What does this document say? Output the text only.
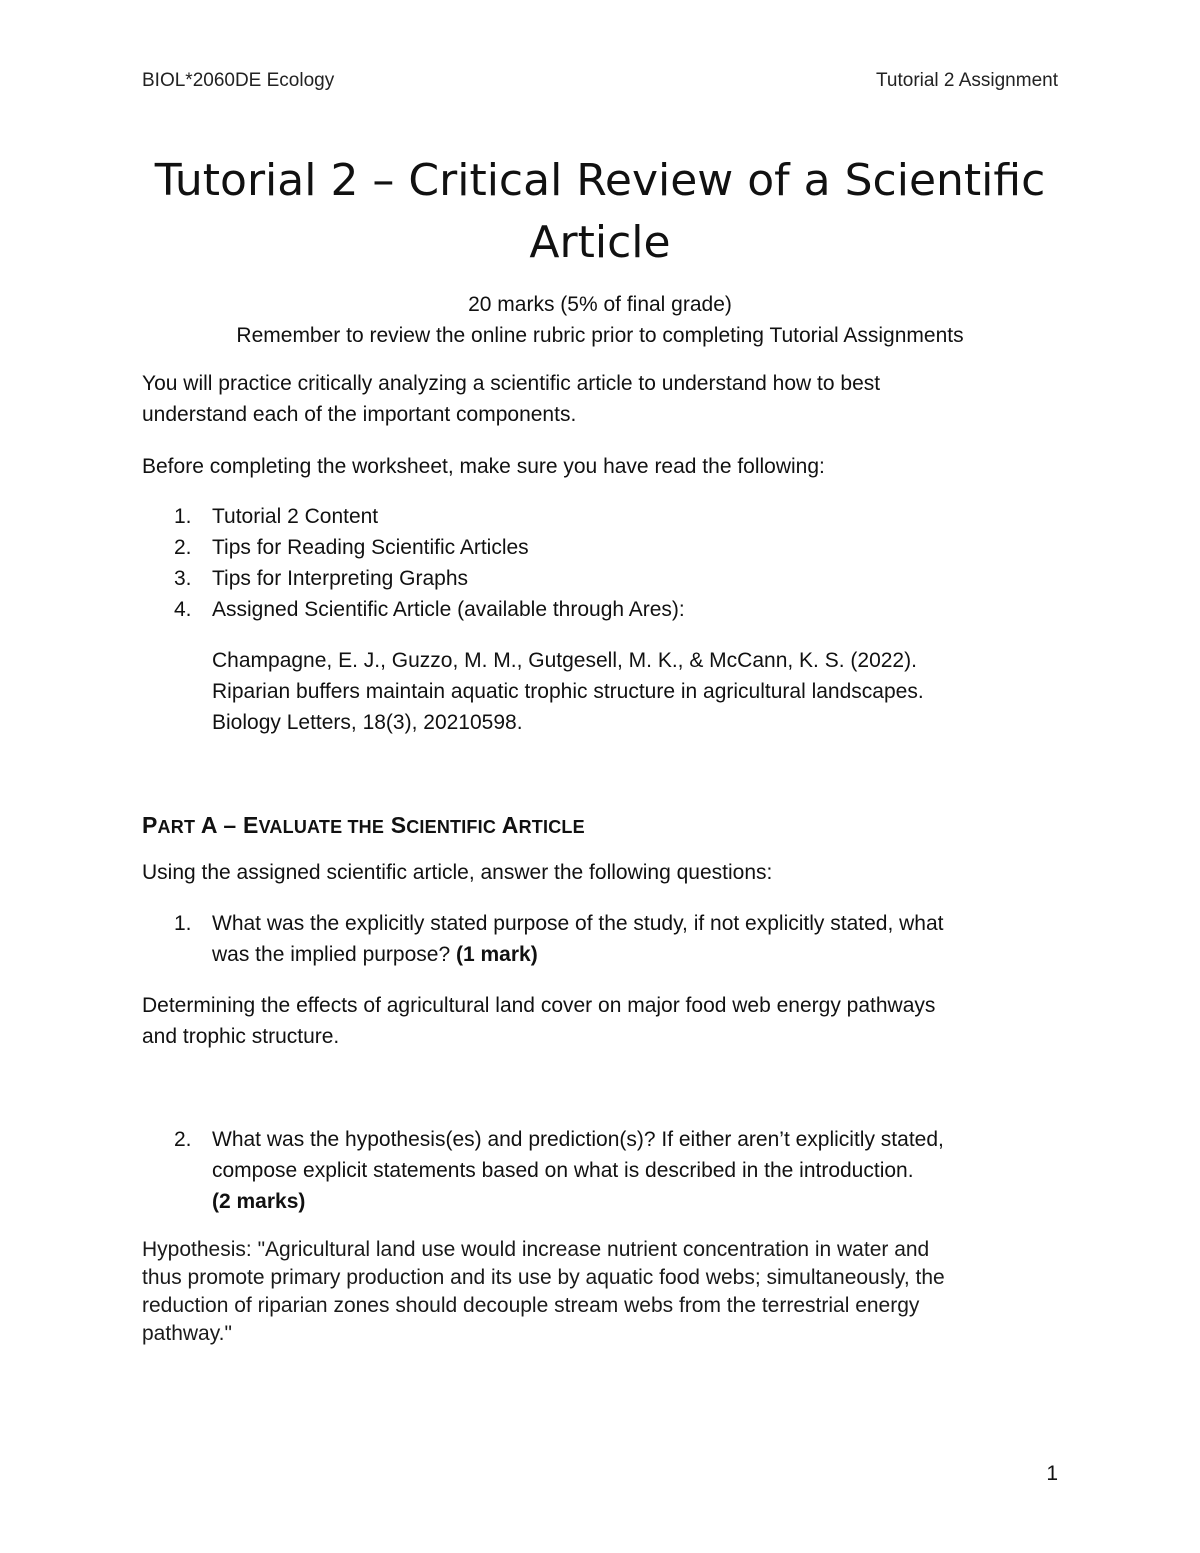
BIOL*2060DE Ecology	Tutorial 2 Assignment
Tutorial 2 – Critical Review of a Scientific
Article
20 marks (5% of final grade)
Remember to review the online rubric prior to completing Tutorial Assignments

You will practice critically analyzing a scientific article to understand how to best
understand each of the important components.

Before completing the worksheet, make sure you have read the following:

1. Tutorial 2 Content
2. Tips for Reading Scientific Articles
3. Tips for Interpreting Graphs
4. Assigned Scientific Article (available through Ares):
Champagne, E. J., Guzzo, M. M., Gutgesell, M. K., & McCann, K. S. (2022).
Riparian buffers maintain aquatic trophic structure in agricultural landscapes.
Biology Letters, 18(3), 20210598.
PART A – EVALUATE THE SCIENTIFIC ARTICLE

Using the assigned scientific article, answer the following questions:

1. What was the explicitly stated purpose of the study, if not explicitly stated, what
was the implied purpose? (1 mark)
Determining the effects of agricultural land cover on major food web energy pathways
and trophic structure.
2. What was the hypothesis(es) and prediction(s)? If either aren’t explicitly stated,
compose explicit statements based on what is described in the introduction.
(2 marks)
Hypothesis: "Agricultural land use would increase nutrient concentration in water and
thus promote primary production and its use by aquatic food webs; simultaneously, the
reduction of riparian zones should decouple stream webs from the terrestrial energy
pathway."
1
